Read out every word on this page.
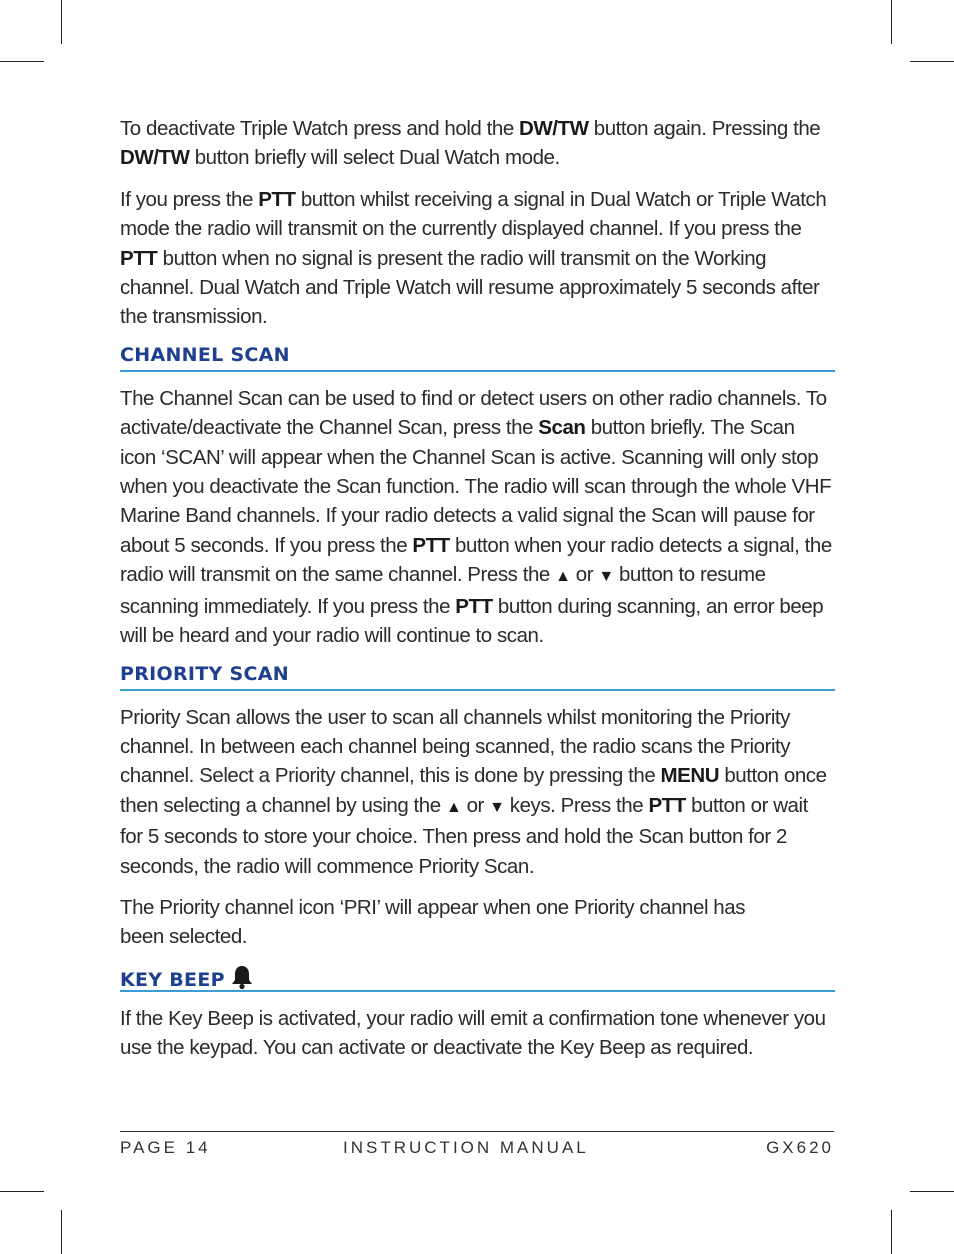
To deactivate Triple Watch press and hold the DW/TW button again. Pressing the DW/TW button briefly will select Dual Watch mode.

If you press the PTT button whilst receiving a signal in Dual Watch or Triple Watch mode the radio will transmit on the currently displayed channel. If you press the PTT button when no signal is present the radio will transmit on the Working channel. Dual Watch and Triple Watch will resume approximately 5 seconds after the transmission.

CHANNEL SCAN

The Channel Scan can be used to find or detect users on other radio channels. To activate/deactivate the Channel Scan, press the Scan button briefly. The Scan icon ‘SCAN’ will appear when the Channel Scan is active. Scanning will only stop when you deactivate the Scan function. The radio will scan through the whole VHF Marine Band channels. If your radio detects a valid signal the Scan will pause for about 5 seconds. If you press the PTT button when your radio detects a signal, the radio will transmit on the same channel. Press the ▲ or ▼ button to resume scanning immediately. If you press the PTT button during scanning, an error beep will be heard and your radio will continue to scan.

PRIORITY SCAN

Priority Scan allows the user to scan all channels whilst monitoring the Priority channel. In between each channel being scanned, the radio scans the Priority channel. Select a Priority channel, this is done by pressing the MENU button once then selecting a channel by using the ▲ or ▼ keys. Press the PTT button or wait for 5 seconds to store your choice. Then press and hold the Scan button for 2 seconds, the radio will commence Priority Scan.

The Priority channel icon ‘PRI’ will appear when one Priority channel has been selected.

KEY BEEP

If the Key Beep is activated, your radio will emit a confirmation tone whenever you use the keypad. You can activate or deactivate the Key Beep as required.

PAGE 14	INSTRUCTION MANUAL	GX620
